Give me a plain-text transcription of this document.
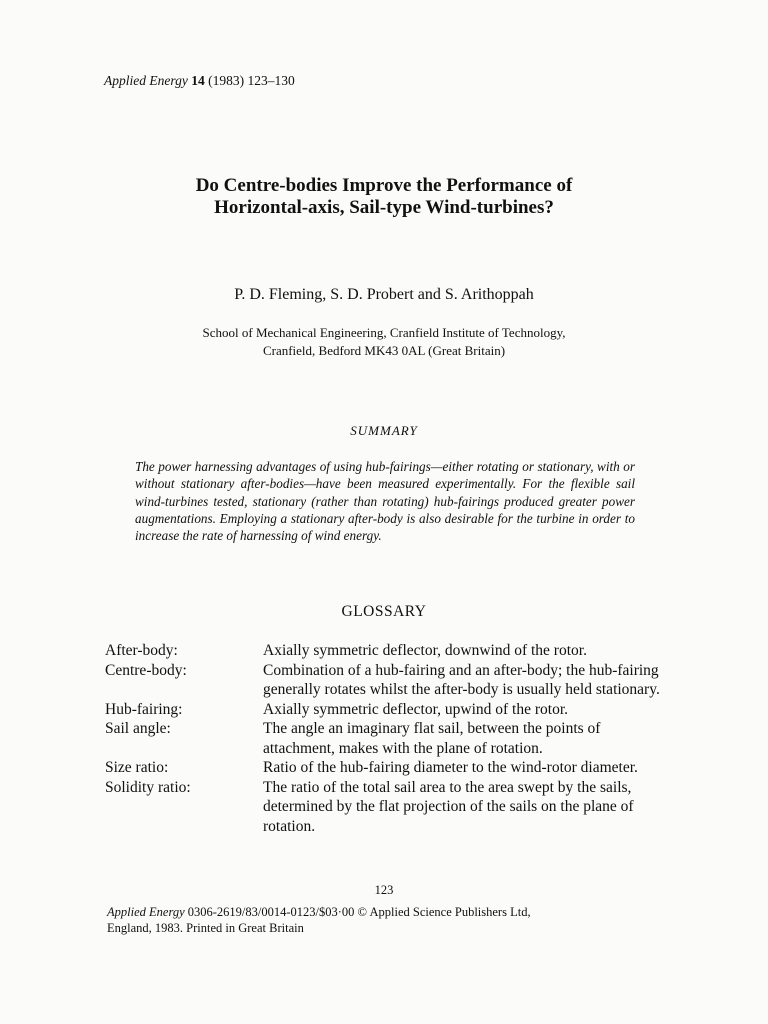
Applied Energy 14 (1983) 123–130
Do Centre-bodies Improve the Performance of
Horizontal-axis, Sail-type Wind-turbines?
P. D. Fleming, S. D. Probert and S. Arithoppah
School of Mechanical Engineering, Cranfield Institute of Technology,
Cranfield, Bedford MK43 0AL (Great Britain)
SUMMARY
The power harnessing advantages of using hub-fairings—either rotating or stationary, with or without stationary after-bodies—have been measured experimentally. For the flexible sail wind-turbines tested, stationary (rather than rotating) hub-fairings produced greater power augmentations. Employing a stationary after-body is also desirable for the turbine in order to increase the rate of harnessing of wind energy.
GLOSSARY
After-body:	Axially symmetric deflector, downwind of the rotor.
Centre-body:	Combination of a hub-fairing and an after-body; the hub-fairing generally rotates whilst the after-body is usually held stationary.
Hub-fairing:	Axially symmetric deflector, upwind of the rotor.
Sail angle:	The angle an imaginary flat sail, between the points of attachment, makes with the plane of rotation.
Size ratio:	Ratio of the hub-fairing diameter to the wind-rotor diameter.
Solidity ratio:	The ratio of the total sail area to the area swept by the sails, determined by the flat projection of the sails on the plane of rotation.
123
Applied Energy 0306-2619/83/0014-0123/$03·00 © Applied Science Publishers Ltd,
England, 1983. Printed in Great Britain
